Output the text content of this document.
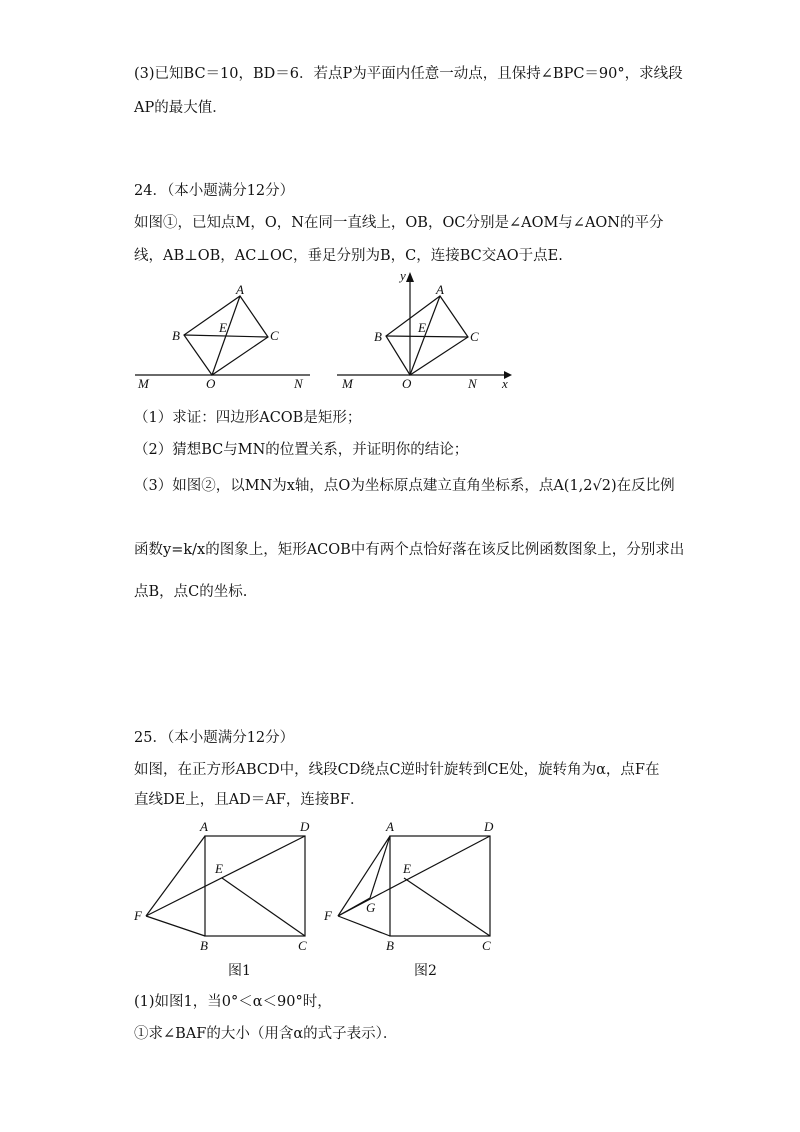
(3)已知BC＝10，BD＝6．若点P为平面内任意一动点，且保持∠BPC＝90°，求线段
AP的最大值．
24．（本小题满分12分）
如图①，已知点M，O，N在同一直线上，OB，OC分别是∠AOM与∠AON的平分
线，AB⊥OB，AC⊥OC，垂足分别为B，C，连接BC交AO于点E.
A
B	C
E
O
M	N
y
A
B	C
E
O
M	N x
（1）求证：四边形ACOB是矩形；
（2）猜想BC与MN的位置关系，并证明你的结论；
（3）如图②，以MN为x轴，点O为坐标原点建立直角坐标系，点A(1,2√2)在反比例
函数y=k/x的图象上，矩形ACOB中有两个点恰好落在该反比例函数图象上，分别求出
点B，点C的坐标.
25．（本小题满分12分）
如图，在正方形ABCD中，线段CD绕点C逆时针旋转到CE处，旋转角为α，点F在
直线DE上，且AD＝AF，连接BF．
A	D
E
F
B	C
图1
A	D
E
F
G
B	C
图2
(1)如图1，当0°＜α＜90°时，
①求∠BAF的大小（用含α的式子表示）．
